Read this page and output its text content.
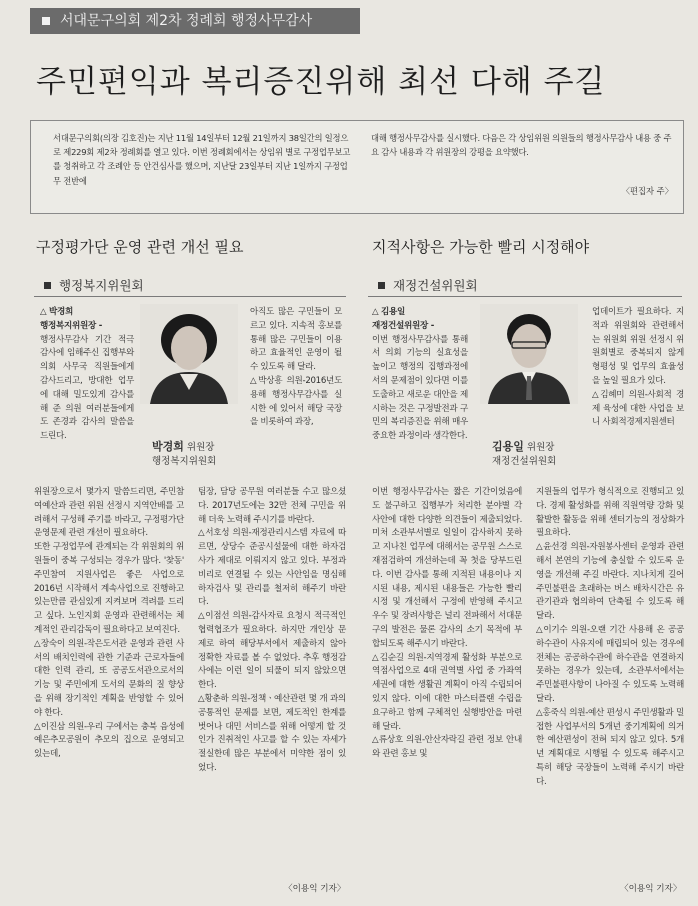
서대문구의회 제2차 정례회 행정사무감사
주민편익과 복리증진위해 최선 다해 주길
서대문구의회(의장 김호진)는 지난 11월 14일부터 12월 21일까지 38일간의 일정으로 제229회 제2차 정례회를 열고 있다. 이번 정례회에서는 상임위 별로 구정업무보고를 청취하고 각 조례안 등 안건심사를 했으며, 지난달 23일부터 지난 1일까지 구정업무 전반에
대해 행정사무감사를 실시했다. 다음은 각 상임위원 의원들의 행정사무감사 내용 중 주요 감사 내용과 각 위원장의 강평을 요약했다.
〈편집자 주〉
구정평가단 운영 관련 개선 필요
행정복지위원회

△ 박경희

행정복지위원장 -

행정사무감사 기간 적극 감사에 임해주신 집행부와 의회 사무국 직원들에게 감사드리고, 방대한 업무에 대해 밀도있게 감사를 해 준 의원 여러분들에게도 존경과 감사의 말씀을 드린다.

박경희 위원장
행정복지위원회

위원장으로서 몇가지 말씀드리면, 주민참여예산과 관련 위원 선정시 지역안배를 고려해서 구성해 주기를 바라고, 구정평가단 운영문제 관련 개선이 필요하다.

또한 구정업무에 관계되는 각 위원회의 위원들이 중복 구성되는 경우가 많다. '찾동' 주민참여 지원사업은 좋은 사업으로 2016년 시작해서 계속사업으로 진행하고 있는만큼 관심있게 지켜보며 격려를 드리고 싶다. 노인지회 운영과 관련해서는 체계적인 관리감독이 필요하다고 보여진다.

△장숙이 의원-작은도서관 운영과 관련 사서의 배치인력에 관한 기준과 근로자들에 대한 인력 관리, 또 공공도서관으로서의 기능 및 주민에게 도서의 문화의 질 향상을 위해 장기적인 계획을 반영할 수 있어야 한다.

△이진삼 의원-우리 구에서는 충북 음성에 예은추모공원이 추모의 집으로 운영되고 있는데,

아직도 많은 구민들이 모르고 있다. 지속적 홍보를 통해 많은 구민들이 이용하고 효율적인 운영이 될 수 있도록 해 달라.

△박상흥 의원-2016년도 용해 행정사무감사를 실시한 에 있어서 해당 국장을 비롯하여 과장,

팀장, 담당 공무원 여러분들 수고 많으셨다. 2017년도에는 32만 전체 구민을 위해 더욱 노력해 주시기를 바란다.

△서호성 의원-재정관리시스템 자료에 따르면, 상당수 준공시설물에 대한 하자검사가 제대로 이뤄지지 않고 있다. 부정과 비리로 연결될 수 있는 사안임을 명심해 하자검사 및 관리를 철저히 해주기 바란다.

△이점선 의원-감사자료 요청시 적극적인 협력협조가 필요하다. 하지만 개인상 문제로 하여 해당부서에서 제출하지 않아 정확한 자료를 볼 수 없었다. 추후 행정감사에는 이런 일이 되풀이 되지 않았으면 한다.

△황춘하 의원-정책ㆍ예산관련 몇 개 과의 공통적인 문제를 보면, 제도적인 한계를 벗어나 대민 서비스를 위해 어떻게 할 것인가 진취적인 사고를 할 수 있는 자세가 절실한데 많은 부분에서 미약한 점이 있었다.

〈이용익 기자〉
지적사항은 가능한 빨리 시정해야
재정건설위원회

△ 김용일

재정건설위원장 -

이번 행정사무감사를 통해서 의회 기능의 실효성을 높이고 행정의 집행과정에서의 문제점이 있다면 이를 도출하고 새로운 대안을 제시하는 것은 구정발전과 구민의 복리증진을 위해 매우 중요한 과정이라 생각한다.

김용일 위원장
재정건설위원회

이번 행정사무감사는 짧은 기간이었음에도 불구하고 집행부가 처리한 분야별 각 사안에 대한 다양한 의견들이 제출되었다. 미처 소관부서별로 일일이 감사하지 못하고 지나친 업무에 대해서는 공무원 스스로 재점검하여 개선하는데 꼭 첫을 당부드린다. 이번 감사를 통해 지적된 내용이나 지시된 내용, 제시된 내용들은 가능한 빨리 시정 및 개선해서 구정에 반영해 주시고 우수 및 장려사항은 널리 전파해서 서대문구의 발전은 물론 감사의 소기 목적에 부합되도록 해주시기 바란다.

△김순길 의원-지역경제 활성화 부분으로 역점사업으로 4대 권역별 사업 중 가좌역세권에 대한 생활권 계획이 아직 수립되어 있지 않다. 이에 대한 마스터플랜 수립을 요구하고 함께 구체적인 실행방안을 마련해 달라.

△류상호 의원-안산자락길 관련 정보 안내와 관련 홍보 및

업데이트가 필요하다. 지적과 위원회와 관련해서는 위원회 위원 선정시 위원회별로 중복되지 않게 형평성 및 업무의 효율성을 높일 필요가 있다.

△김혜미 의원-사회적 경제 육성에 대한 사업을 보니 사회적경제지원센터

지원들의 업무가 형식적으로 진행되고 있다. 경제 활성화를 위해 직원역량 강화 및 활발한 활동을 위해 센터기능의 정상화가 필요하다.

△윤선경 의원-자원봉사센터 운영과 관련해서 본연의 기능에 충실할 수 있도록 운영을 개선해 주길 바란다. 지나치게 길어 주민불편을 초래하는 버스 배차시간은 유관기관과 협의하여 단축될 수 있도록 해달라.

△이기수 의원-오랜 기간 사용해 온 공공하수관이 사유지에 매립되어 있는 경우에 전체는 공공하수관에 하수관을 연결하지 못하는 경우가 있는데, 소관부서에서는 주민불편사항이 나아질 수 있도록 노력해 달라.

△홍죽식 의원-예산 편성시 주민생활과 밀접한 사업부서의 5개년 중기계획에 의거한 예산편성이 전혀 되지 않고 있다. 5개년 계획대로 시행될 수 있도록 해주시고 특히 해당 국장들이 노력해 주시기 바란다.

〈이용익 기자〉
